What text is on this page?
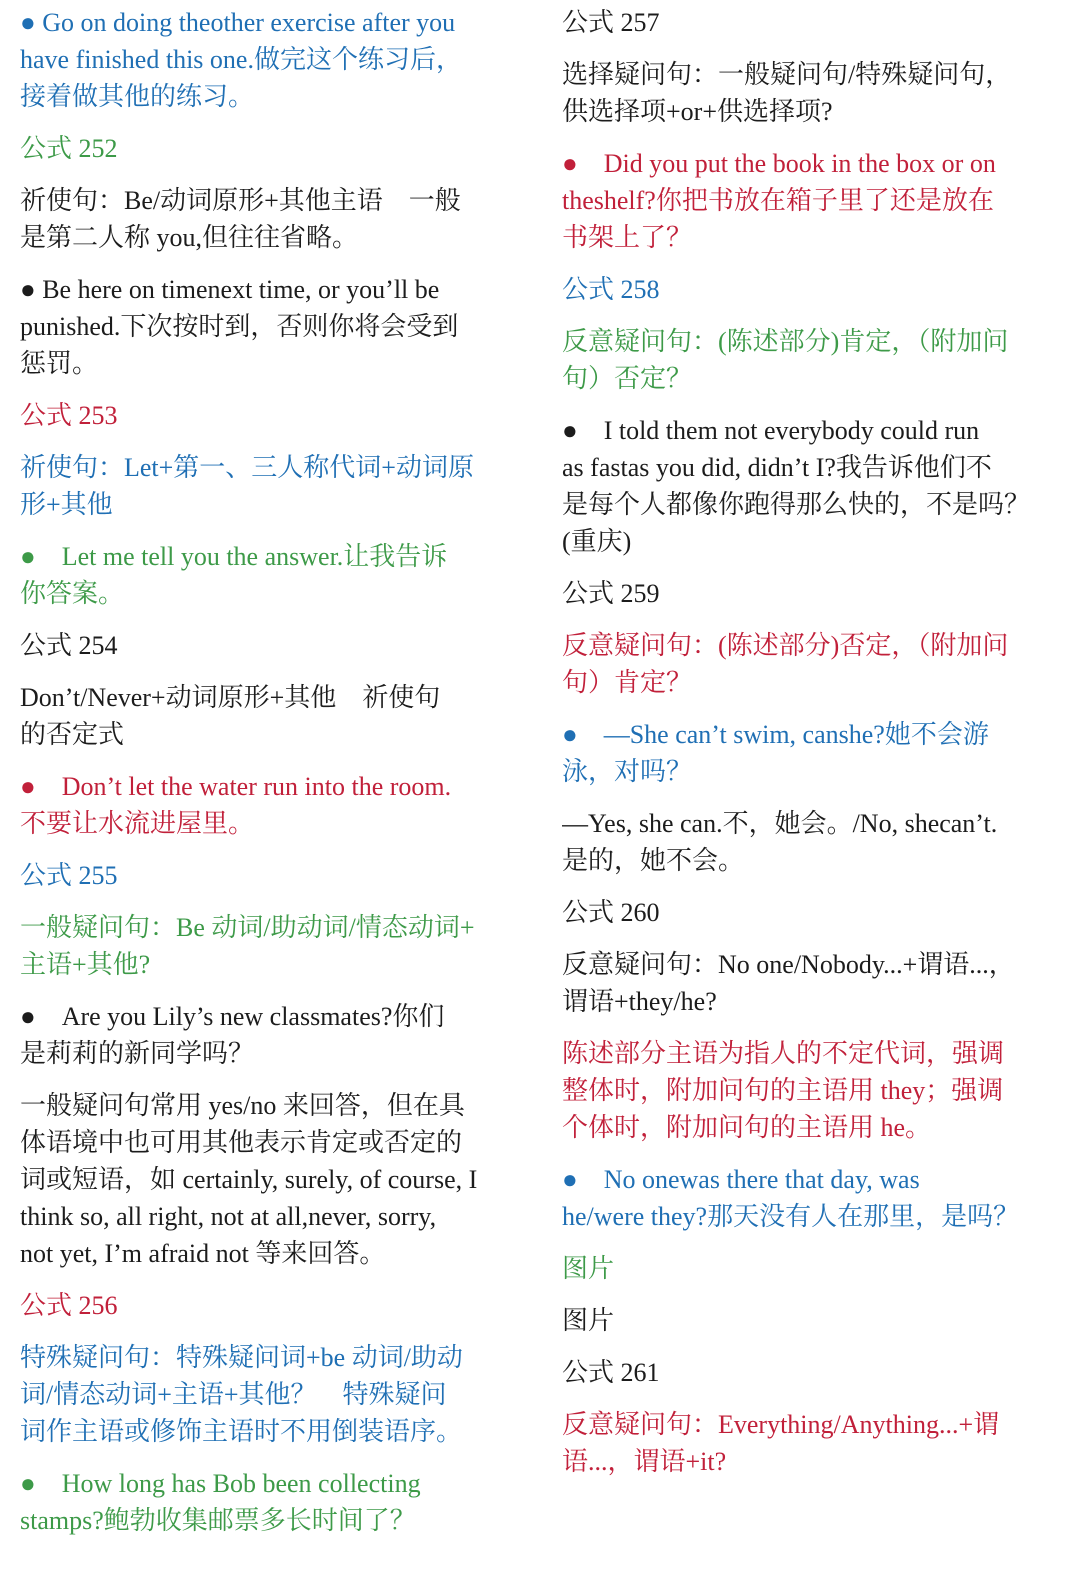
● Go on doing theother exercise after you
have finished this one.做完这个练习后，
接着做其他的练习。
公式 252
祈使句：Be/动词原形+其他主语　一般
是第二人称 you,但往往省略。
● Be here on timenext time, or you’ll be
punished.下次按时到，否则你将会受到
惩罚。
公式 253
祈使句：Let+第一、三人称代词+动词原
形+其他
●　Let me tell you the answer.让我告诉
你答案。
公式 254
Don’t/Never+动词原形+其他　祈使句
的否定式
●　Don’t let the water run into the room.
不要让水流进屋里。
公式 255
一般疑问句：Be 动词/助动词/情态动词+
主语+其他?
●　Are you Lily’s new classmates?你们
是莉莉的新同学吗？
一般疑问句常用 yes/no 来回答，但在具
体语境中也可用其他表示肯定或否定的
词或短语，如 certainly, surely, of course, I
think so, all right, not at all,never, sorry,
not yet, I’m afraid not 等来回答。
公式 256
特殊疑问句：特殊疑问词+be 动词/助动
词/情态动词+主语+其他？　特殊疑问
词作主语或修饰主语时不用倒装语序。
●　How long has Bob been collecting
stamps?鲍勃收集邮票多长时间了？
公式 257
选择疑问句：一般疑问句/特殊疑问句，
供选择项+or+供选择项?
●　Did you put the book in the box or on
theshelf?你把书放在箱子里了还是放在
书架上了？
公式 258
反意疑问句：(陈述部分)肯定，（附加问
句）否定？
●　I told them not everybody could run
as fastas you did, didn’t I?我告诉他们不
是每个人都像你跑得那么快的，不是吗？
(重庆)
公式 259
反意疑问句：(陈述部分)否定，（附加问
句）肯定？
●　—She can’t swim, canshe?她不会游
泳，对吗？
—Yes, she can.不，她会。/No, shecan’t.
是的，她不会。
公式 260
反意疑问句：No one/Nobody...+谓语...，
谓语+they/he?
陈述部分主语为指人的不定代词，强调
整体时，附加问句的主语用 they；强调
个体时，附加问句的主语用 he。
●　No onewas there that day, was
he/were they?那天没有人在那里，是吗？
图片
图片
公式 261
反意疑问句：Everything/Anything...+谓
语...，谓语+it?
